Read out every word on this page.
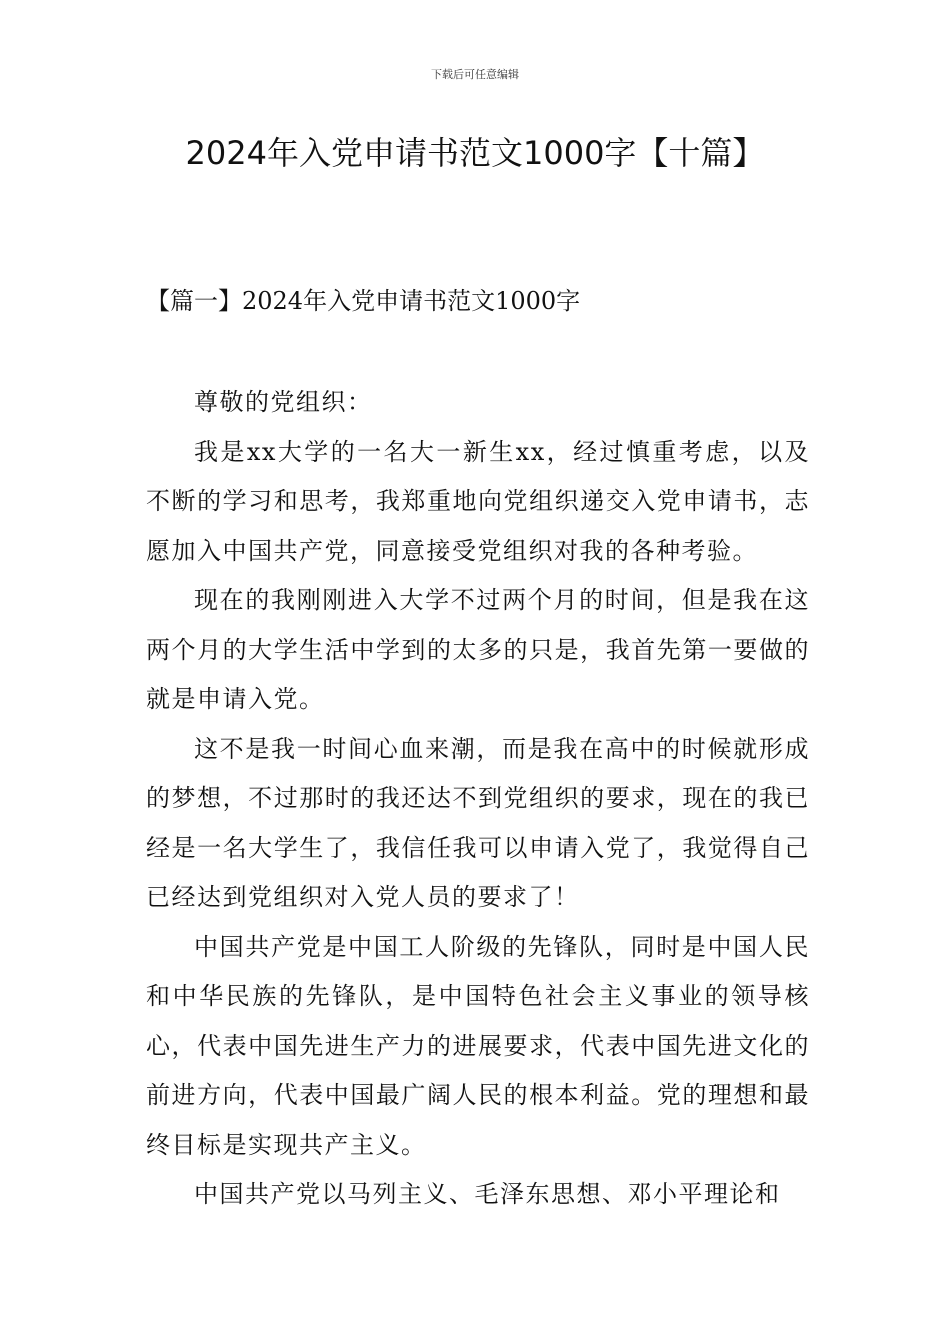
下载后可任意编辑
2024年入党申请书范文1000字【十篇】
【篇一】2024年入党申请书范文1000字

尊敬的党组织：

我是xx大学的一名大一新生xx，经过慎重考虑，以及不断的学习和思考，我郑重地向党组织递交入党申请书，志愿加入中国共产党，同意接受党组织对我的各种考验。

现在的我刚刚进入大学不过两个月的时间，但是我在这两个月的大学生活中学到的太多的只是，我首先第一要做的就是申请入党。

这不是我一时间心血来潮，而是我在高中的时候就形成的梦想，不过那时的我还达不到党组织的要求，现在的我已经是一名大学生了，我信任我可以申请入党了，我觉得自己已经达到党组织对入党人员的要求了！

中国共产党是中国工人阶级的先锋队，同时是中国人民和中华民族的先锋队，是中国特色社会主义事业的领导核心，代表中国先进生产力的进展要求，代表中国先进文化的前进方向，代表中国最广阔人民的根本利益。党的理想和最终目标是实现共产主义。

中国共产党以马列主义、毛泽东思想、邓小平理论和
